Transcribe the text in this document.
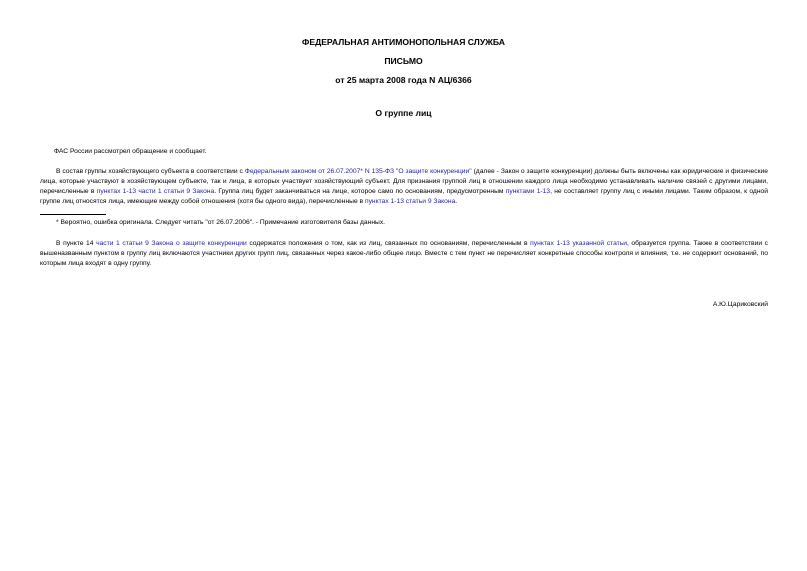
ФЕДЕРАЛЬНАЯ АНТИМОНОПОЛЬНАЯ СЛУЖБА
ПИСЬМО
от 25 марта 2008 года N АЦ/6366
О группе лиц

ФАС России рассмотрел обращение и сообщает.

В состав группы хозяйствующего субъекта в соответствии с Федеральным законом от 26.07.2007* N 135-ФЗ "О защите конкуренции" (далее - Закон о защите конкуренции) должны быть включены как юридические и физические лица, которые участвуют в хозяйствующем субъекте, так и лица, в которых участвует хозяйствующий субъект. Для признания группой лиц в отношении каждого лица необходимо устанавливать наличие связей с другими лицами, перечисленные в пунктах 1-13 части 1 статьи 9 Закона. Группа лиц будет заканчиваться на лице, которое само по основаниям, предусмотренным пунктами 1-13, не составляет группу лиц с иными лицами. Таким образом, к одной группе лиц относятся лица, имеющие между собой отношения (хотя бы одного вида), перечисленные в пунктах 1-13 статьи 9 Закона.

* Вероятно, ошибка оригинала. Следует читать "от 26.07.2006". - Примечание изготовителя базы данных.

В пункте 14 части 1 статьи 9 Закона о защите конкуренции содержатся положения о том, как из лиц, связанных по основаниям, перечисленным в пунктах 1-13 указанной статьи, образуется группа. Также в соответствии с вышеназванным пунктом в группу лиц включаются участники других групп лиц, связанных через какое-либо общее лицо. Вместе с тем пункт не перечисляет конкретные способы контроля и влияния, т.е. не содержит оснований, по которым лица входят в одну группу.

А.Ю.Цариковский
